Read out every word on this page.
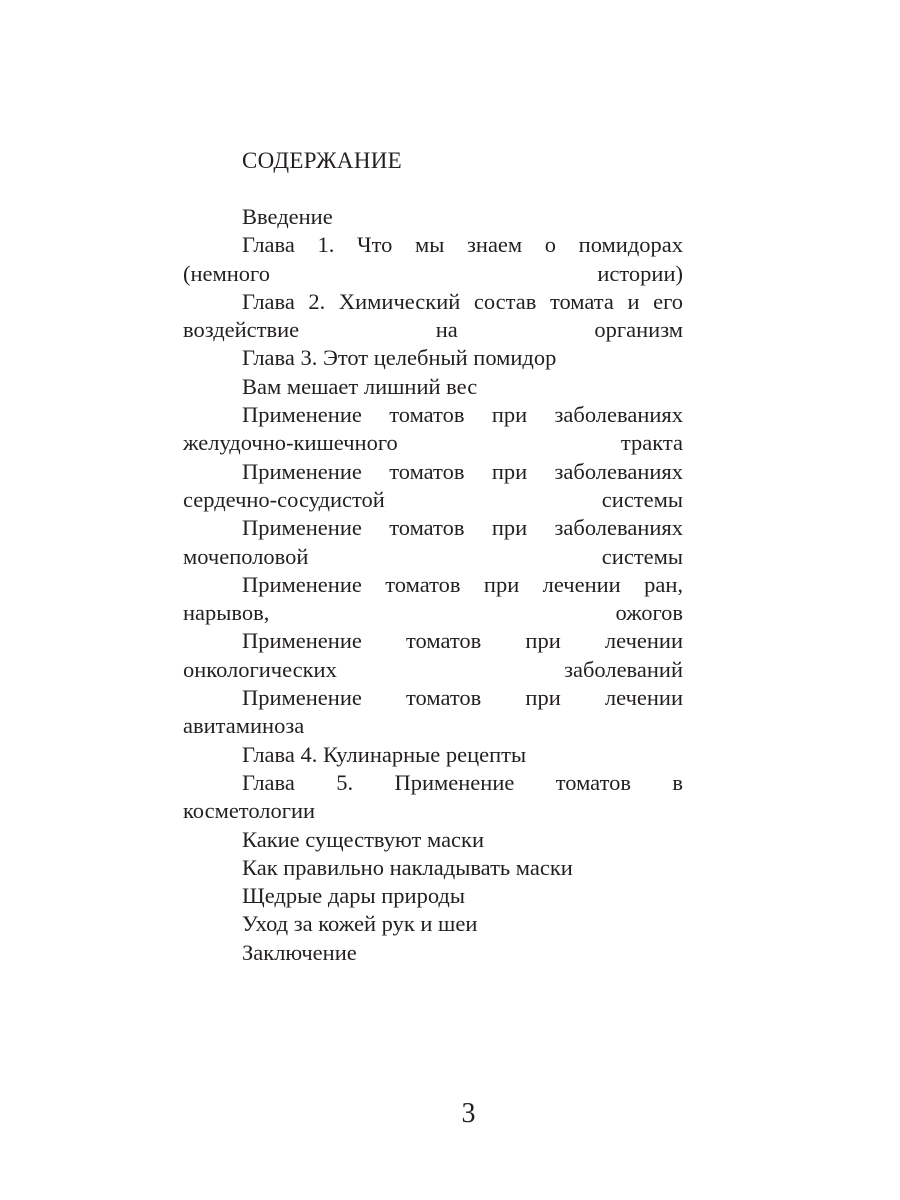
СОДЕРЖАНИЕ

Введение

Глава 1. Что мы знаем о помидорах
(немного истории)

Глава 2. Химический состав томата и его
воздействие на организм

Глава 3. Этот целебный помидор

Вам мешает лишний вес

Применение томатов при заболеваниях
желудочно-кишечного тракта

Применение томатов при заболеваниях
сердечно-сосудистой системы

Применение томатов при заболеваниях
мочеполовой системы

Применение томатов при лечении ран,
нарывов, ожогов

Применение томатов при лечении
онкологических заболеваний

Применение томатов при лечении
авитаминоза

Глава 4. Кулинарные рецепты

Глава 5. Применение томатов в
косметологии

Какие существуют маски

Как правильно накладывать маски

Щедрые дары природы

Уход за кожей рук и шеи

Заключение

3
